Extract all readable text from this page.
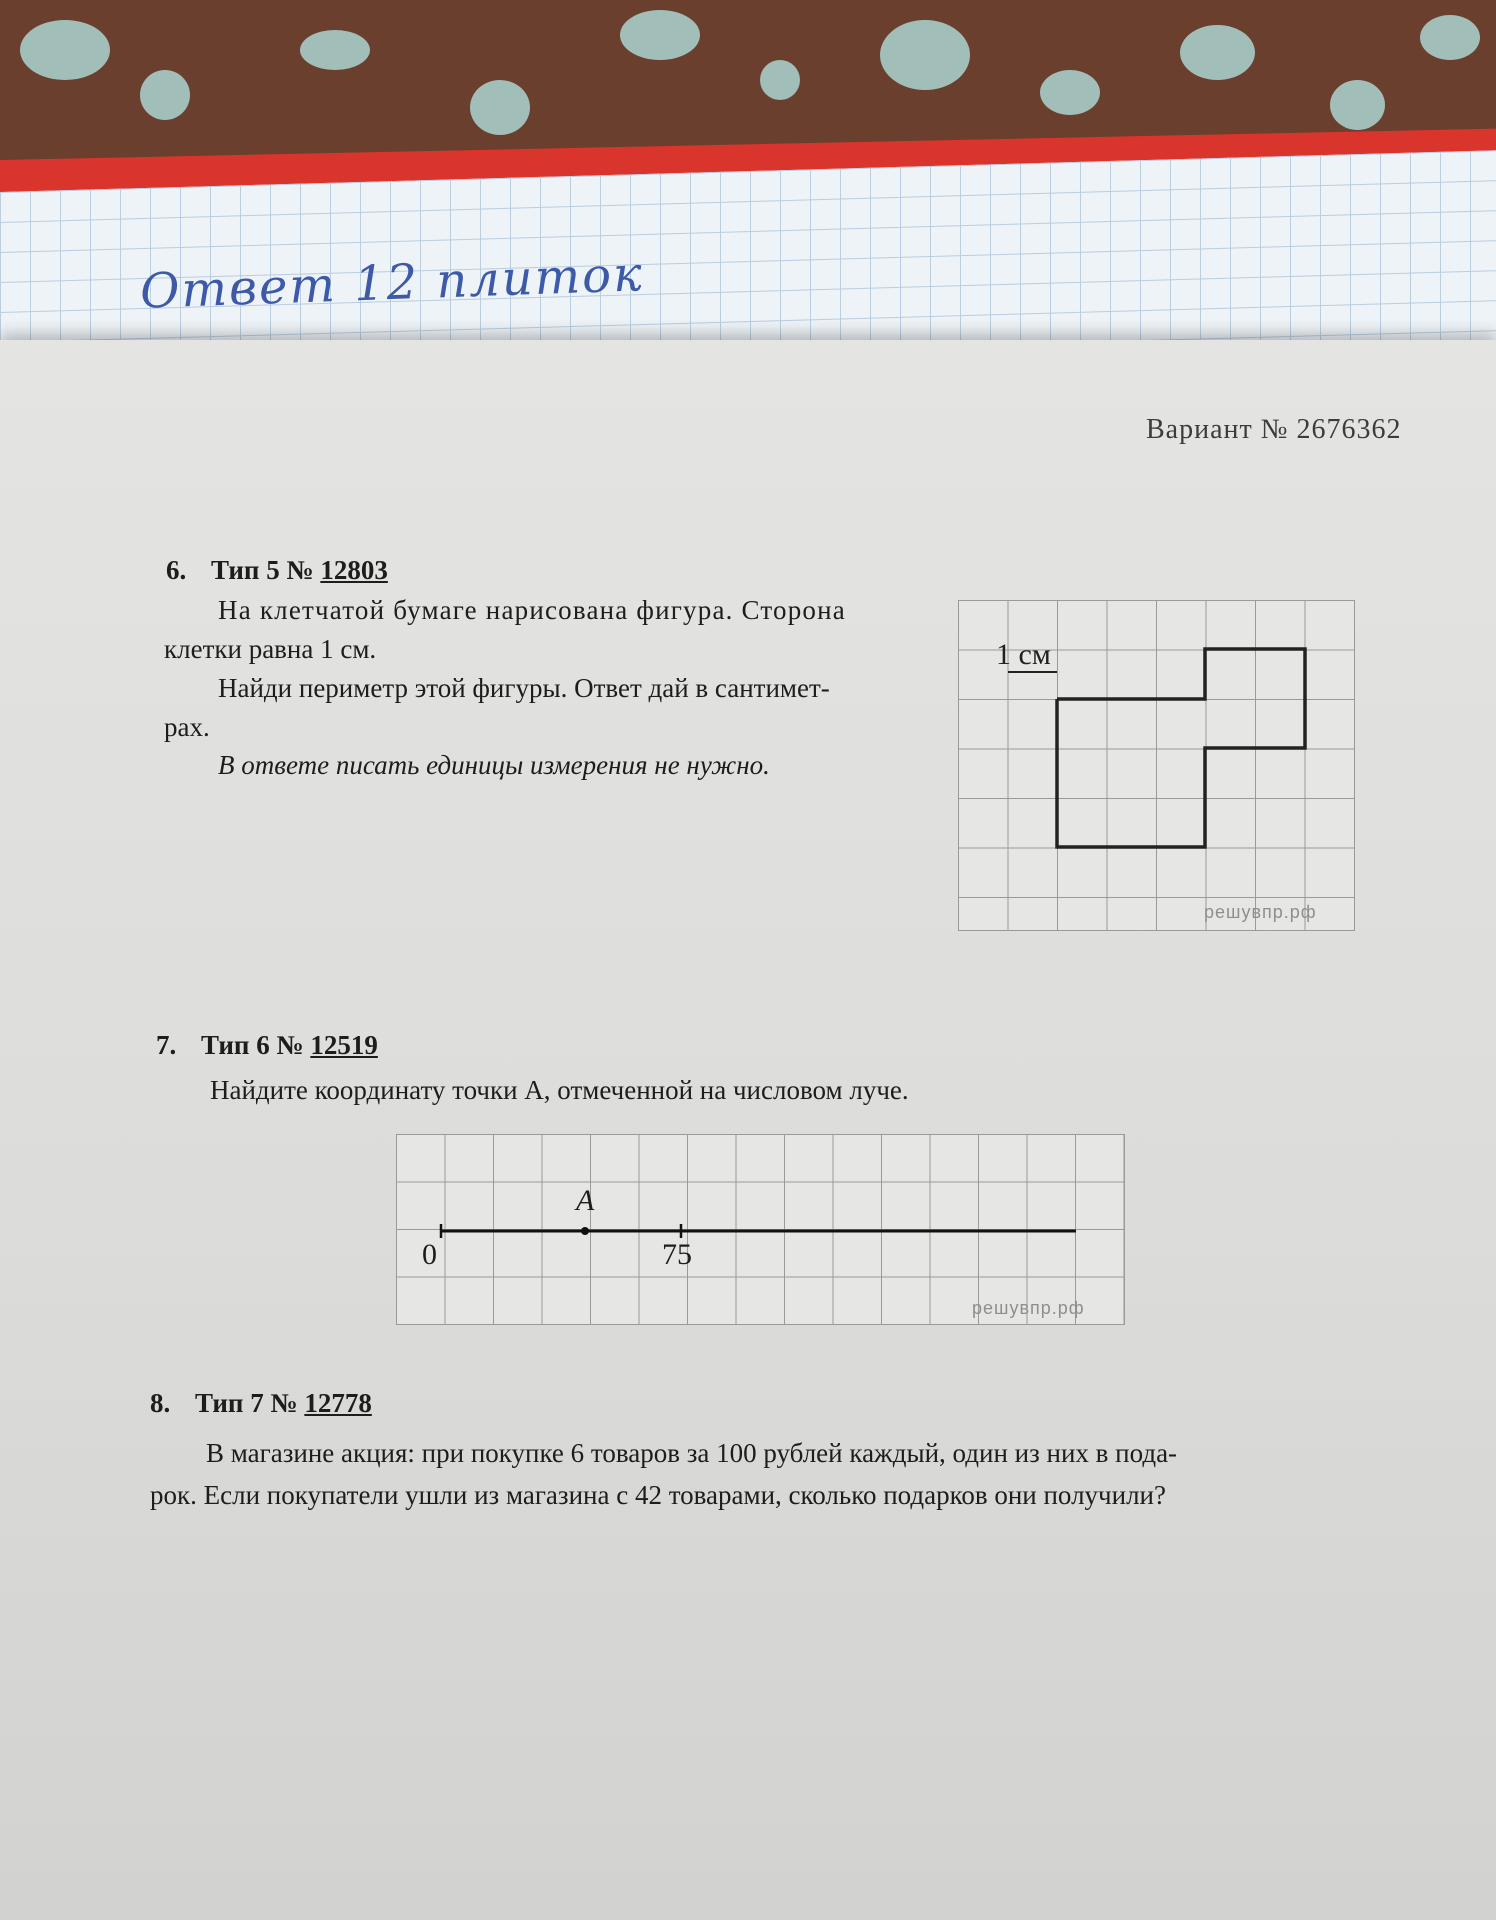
Ответ 12 плиток
Вариант № 2676362
6. Тип 5 № 12803
На клетчатой бумаге нарисована фигура. Сторона
клетки равна 1 см.
Найди периметр этой фигуры. Ответ дай в сантимет-
рах.
В ответе писать единицы измерения не нужно.
1 см
решувпр.рф
7. Тип 6 № 12519
Найдите координату точки A, отмеченной на числовом луче.
A
0	75
решувпр.рф
8. Тип 7 № 12778
В магазине акция: при покупке 6 товаров за 100 рублей каждый, один из них в пода-
рок. Если покупатели ушли из магазина с 42 товарами, сколько подарков они получили?
